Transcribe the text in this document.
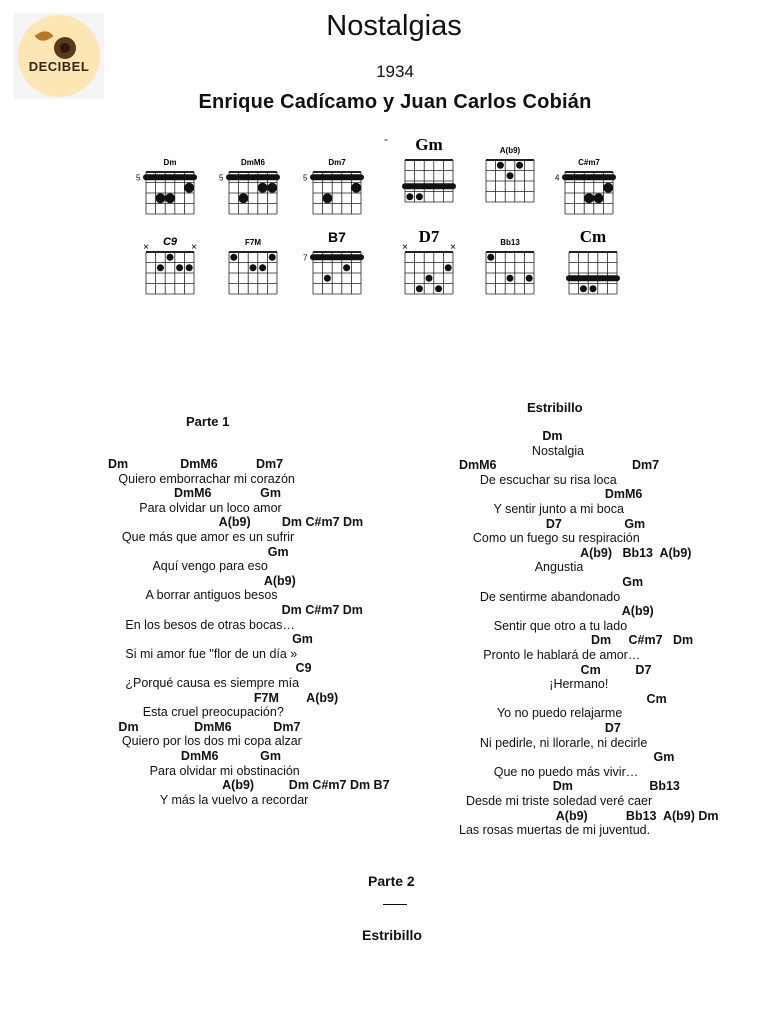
DECIBEL
Nostalgias
1934
Enrique Cadícamo y Juan Carlos Cobián
-
Dm
5
DmM6
5
Dm7
5
Gm	A(b9)
C#m7
4
C9
×	×	F7M	B7
7
D7
×	×	Bb13	Cm
Parte 1
Dm               DmM6           Dm7
Quiero emborrachar mi corazón
DmM6              Gm
Para olvidar un loco amor
A(b9)         Dm C#m7 Dm
Que más que amor es un sufrir
Gm
Aquí vengo para eso
A(b9)
A borrar antiguos besos
Dm C#m7 Dm
En los besos de otras bocas…
Gm
Si mi amor fue "flor de un día »
C9
¿Porqué causa es siempre mía
F7M        A(b9)
Esta cruel preocupación?
Dm                DmM6            Dm7
Quiero por los dos mi copa alzar
DmM6            Gm
Para olvidar mi obstinación
A(b9)          Dm C#m7 Dm B7
Y más la vuelvo a recordar
Estribillo
Dm
Nostalgia
DmM6                                       Dm7
De escuchar su risa loca
DmM6
Y sentir junto a mi boca
D7                  Gm
Como un fuego su respiración
A(b9)   Bb13  A(b9)
Angustia
Gm
De sentirme abandonado
A(b9)
Sentir que otro a tu lado
Dm     C#m7   Dm
Pronto le hablará de amor…
Cm          D7
¡Hermano!
Cm
Yo no puedo relajarme
D7
Ni pedirle, ni llorarle, ni decirle
Gm
Que no puedo más vivir…
Dm                      Bb13
Desde mi triste soledad veré caer
A(b9)           Bb13  A(b9) Dm
Las rosas muertas de mi juventud.
Parte 2
Estribillo
